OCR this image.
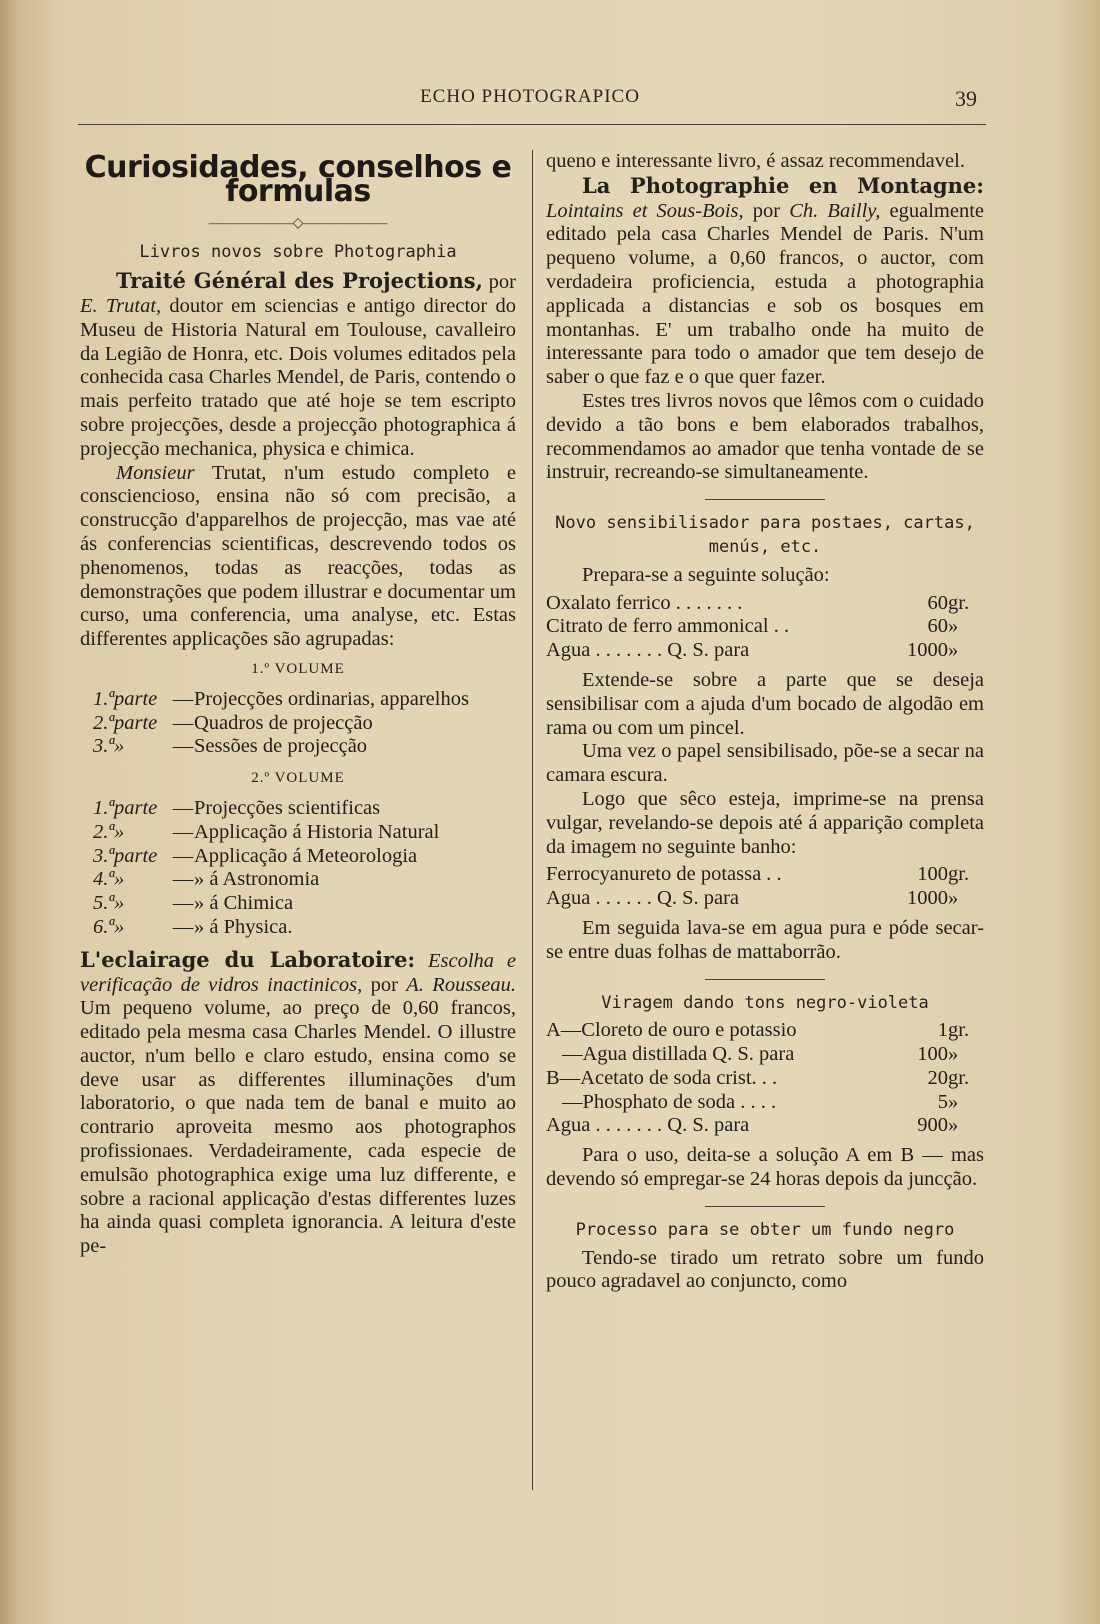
ECHO PHOTOGRAPICO	39
Curiosidades, conselhos e formulas
——————◇——————
Livros novos sobre Photographia

Traité Général des Projections, por E. Trutat, doutor em sciencias e antigo director do Museu de Historia Natural em Toulouse, cavalleiro da Legião de Honra, etc. Dois volumes editados pela conhecida casa Charles Mendel, de Paris, contendo o mais perfeito tratado que até hoje se tem escripto sobre projecções, desde a projecção photographica á projecção mechanica, physica e chimica.

Monsieur Trutat, n'um estudo completo e consciencioso, ensina não só com precisão, a construcção d'apparelhos de projecção, mas vae até ás conferencias scientificas, descrevendo todos os phenomenos, todas as reacções, todas as demonstrações que podem illustrar e documentar um curso, uma conferencia, uma analyse, etc. Estas differentes applicações são agrupadas:

1.º VOLUME
1.ª	parte	—	Projecções ordinarias, apparelhos
2.ª	parte	—	Quadros de projecção
3.ª	»	—	Sessões de projecção
2.º VOLUME
1.ª	parte	—	Projecções scientificas
2.ª	»	—	Applicação á Historia Natural
3.ª	parte	—	Applicação á Meteorologia
4.ª	»	—	» á Astronomia
5.ª	»	—	» á Chimica
6.ª	»	—	» á Physica.

L'eclairage du Laboratoire: Escolha e verificação de vidros inactinicos, por A. Rousseau. Um pequeno volume, ao preço de 0,60 francos, editado pela mesma casa Charles Mendel. O illustre auctor, n'um bello e claro estudo, ensina como se deve usar as differentes illuminações d'um laboratorio, o que nada tem de banal e muito ao contrario aproveita mesmo aos photographos profissionaes. Verdadeiramente, cada especie de emulsão photographica exige uma luz differente, e sobre a racional applicação d'estas differentes luzes ha ainda quasi completa ignorancia. A leitura d'este pe-

queno e interessante livro, é assaz recommendavel.

La Photographie en Montagne: Lointains et Sous-Bois, por Ch. Bailly, egualmente editado pela casa Charles Mendel de Paris. N'um pequeno volume, a 0,60 francos, o auctor, com verdadeira proficiencia, estuda a photographia applicada a distancias e sob os bosques em montanhas. E' um trabalho onde ha muito de interessante para todo o amador que tem desejo de saber o que faz e o que quer fazer.

Estes tres livros novos que lêmos com o cuidado devido a tão bons e bem elaborados trabalhos, recommendamos ao amador que tenha vontade de se instruir, recreando-se simultaneamente.

Novo sensibilisador para postaes, cartas, menús, etc.

Prepara-se a seguinte solução:

Oxalato ferrico . . . . . . .	60	gr.
Citrato de ferro ammonical . .	60	»
Agua . . . . . . . Q. S. para	1000	»

Extende-se sobre a parte que se deseja sensibilisar com a ajuda d'um bocado de algodão em rama ou com um pincel.

Uma vez o papel sensibilisado, põe-se a secar na camara escura.

Logo que sêco esteja, imprime-se na prensa vulgar, revelando-se depois até á apparição completa da imagem no seguinte banho:

Ferrocyanureto de potassa . .	100	gr.
Agua . . . . . . Q. S. para	1000	»

Em seguida lava-se em agua pura e póde secar-se entre duas folhas de mattaborrão.

Viragem dando tons negro-violeta
A—Cloreto de ouro e potassio	1	gr.
—Agua distillada Q. S. para	100	»
B—Acetato de soda crist. . .	20	gr.
—Phosphato de soda . . . .	5	»
Agua . . . . . . . Q. S. para	900	»

Para o uso, deita-se a solução A em B — mas devendo só empregar-se 24 horas depois da juncção.

Processo para se obter um fundo negro

Tendo-se tirado um retrato sobre um fundo pouco agradavel ao conjuncto, como
